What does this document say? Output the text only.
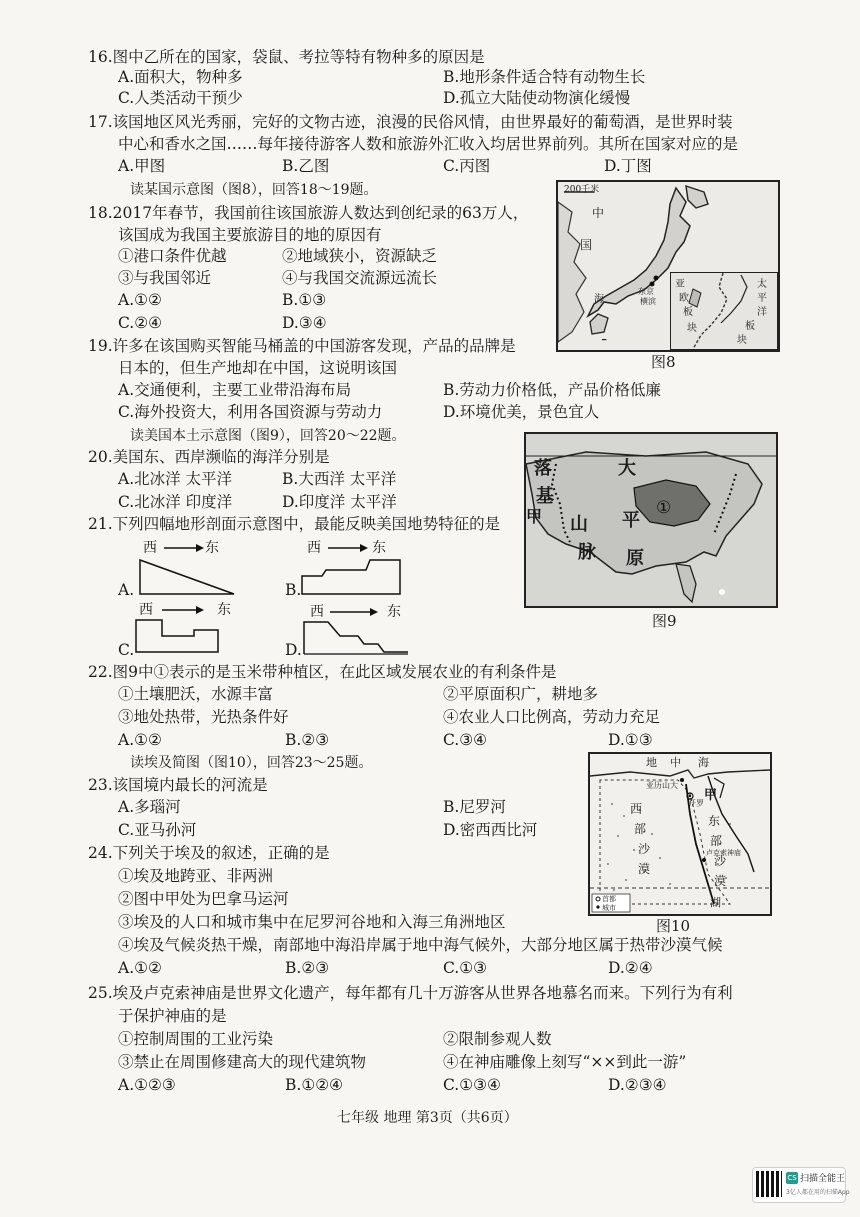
16.图中乙所在的国家，袋鼠、考拉等特有物种多的原因是
A.面积大，物种多	B.地形条件适合特有动物生长
C.人类活动干预少	D.孤立大陆使动物演化缓慢
17.该国地区风光秀丽，完好的文物古迹，浪漫的民俗风情，由世界最好的葡萄酒，是世界时装
中心和香水之国……每年接待游客人数和旅游外汇收入均居世界前列。其所在国家对应的是
A.甲图	B.乙图	C.丙图	D.丁图
读某国示意图（图8），回答18～19题。
18.2017年春节，我国前往该国旅游人数达到创纪录的63万人，
该国成为我国主要旅游目的地的原因有
①港口条件优越	②地域狭小，资源缺乏
③与我国邻近	④与我国交流源远流长
A.①②	B.①③
C.②④	D.③④
━
200千米
中
国
海
东京
横滨
亚
欧
板
块
太
平
洋
板
块
图8
19.许多在该国购买智能马桶盖的中国游客发现，产品的品牌是
日本的，但生产地却在中国，这说明该国
A.交通便利，主要工业带沿海布局	B.劳动力价格低，产品价格低廉
C.海外投资大，利用各国资源与劳动力	D.环境优美，景色宜人
读美国本土示意图（图9），回答20～22题。
20.美国东、西岸濒临的海洋分别是
A.北冰洋 太平洋	B.大西洋 太平洋
C.北冰洋 印度洋	D.印度洋 太平洋
21.下列四幅地形剖面示意图中，最能反映美国地势特征的是
西	东
A.
西	东
B.
西	东
C.
西	东
D.
落
基
山
脉
大
平
原
甲	①
图9
22.图9中①表示的是玉米带种植区，在此区域发展农业的有利条件是
①土壤肥沃，水源丰富	②平原面积广，耕地多
③地处热带，光热条件好	④农业人口比例高，劳动力充足
A.①②	B.②③	C.③④	D.①③
读埃及简图（图10），回答23～25题。
23.该国境内最长的河流是
A.多瑙河	B.尼罗河
C.亚马孙河	D.密西西比河
地 中 海
亚历山大
甲
开罗
西
部
沙
漠
东
部
沙
漠
卢克索神庙
湖
首都
城市
图10
24.下列关于埃及的叙述，正确的是
①埃及地跨亚、非两洲
②图中甲处为巴拿马运河
③埃及的人口和城市集中在尼罗河谷地和入海三角洲地区
④埃及气候炎热干燥，南部地中海沿岸属于地中海气候外，大部分地区属于热带沙漠气候
A.①②	B.②③	C.①③	D.②④
25.埃及卢克索神庙是世界文化遗产，每年都有几十万游客从世界各地慕名而来。下列行为有利
于保护神庙的是
①控制周围的工业污染	②限制参观人数
③禁止在周围修建高大的现代建筑物	④在神庙雕像上刻写“××到此一游”
A.①②③	B.①②④	C.①③④	D.②③④
七年级 地理 第3页（共6页）
CS 扫描全能王
3亿人都在用的扫描App
